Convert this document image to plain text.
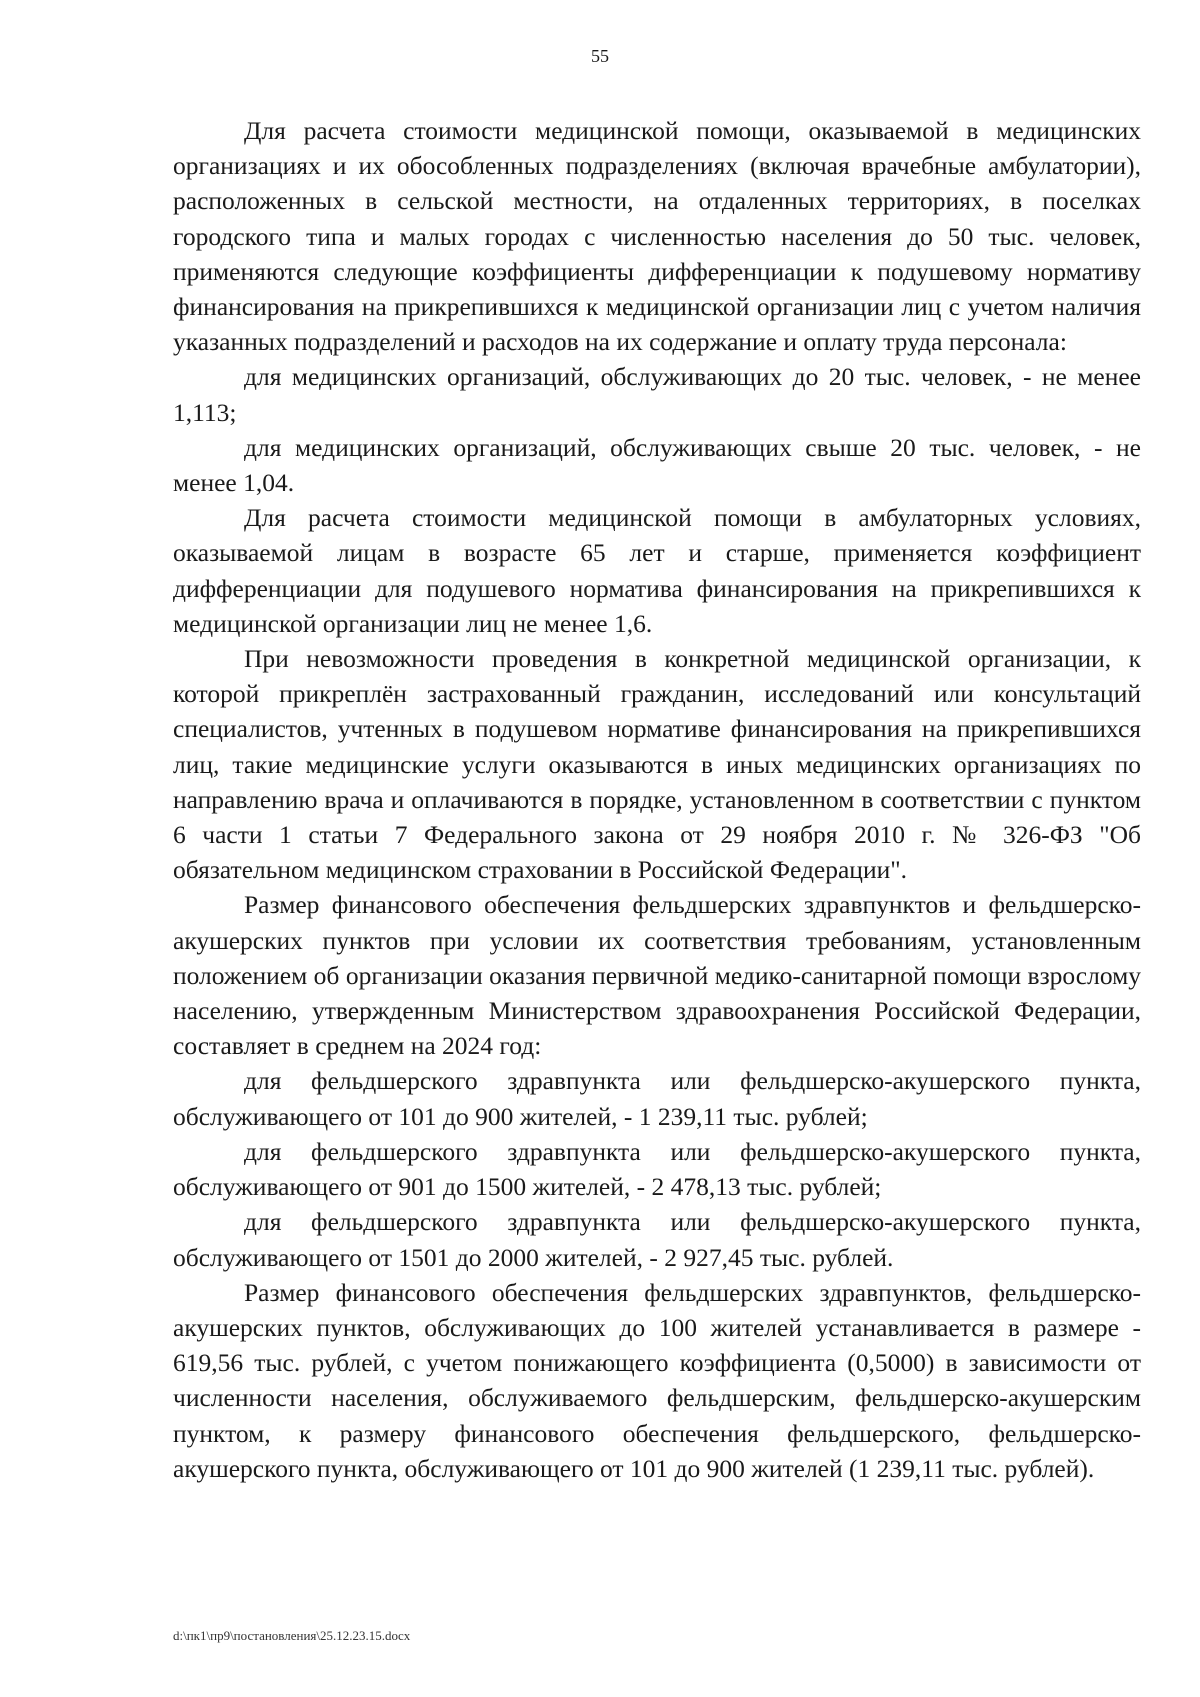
55

Для расчета стоимости медицинской помощи, оказываемой в медицинских организациях и их обособленных подразделениях (включая врачебные амбулатории), расположенных в сельской местности, на отдаленных территориях, в поселках городского типа и малых городах с численностью населения до 50 тыс. человек, применяются следующие коэффициенты дифференциации к подушевому нормативу финансирования на прикрепившихся к медицинской организации лиц с учетом наличия указанных подразделений и расходов на их содержание и оплату труда персонала:

для медицинских организаций, обслуживающих до 20 тыс. человек, - не менее 1,113;

для медицинских организаций, обслуживающих свыше 20 тыс. человек, - не менее 1,04.

Для расчета стоимости медицинской помощи в амбулаторных условиях, оказываемой лицам в возрасте 65 лет и старше, применяется коэффициент дифференциации для подушевого норматива финансирования на прикрепившихся к медицинской организации лиц не менее 1,6.

При невозможности проведения в конкретной медицинской организации, к которой прикреплён застрахованный гражданин, исследований или консультаций специалистов, учтенных в подушевом нормативе финансирования на прикрепившихся лиц, такие медицинские услуги оказываются в иных медицинских организациях по направлению врача и оплачиваются в порядке, установленном в соответствии с пунктом 6 части 1 статьи 7 Федерального закона от 29 ноября 2010 г. № 326-ФЗ "Об обязательном медицинском страховании в Российской Федерации".

Размер финансового обеспечения фельдшерских здравпунктов и фельдшерско-акушерских пунктов при условии их соответствия требованиям, установленным положением об организации оказания первичной медико-санитарной помощи взрослому населению, утвержденным Министерством здравоохранения Российской Федерации, составляет в среднем на 2024 год:

для фельдшерского здравпункта или фельдшерско-акушерского пункта, обслуживающего от 101 до 900 жителей, - 1 239,11 тыс. рублей;

для фельдшерского здравпункта или фельдшерско-акушерского пункта, обслуживающего от 901 до 1500 жителей, - 2 478,13 тыс. рублей;

для фельдшерского здравпункта или фельдшерско-акушерского пункта, обслуживающего от 1501 до 2000 жителей, - 2 927,45 тыс. рублей.

Размер финансового обеспечения фельдшерских здравпунктов, фельдшерско-акушерских пунктов, обслуживающих до 100 жителей устанавливается в размере - 619,56 тыс. рублей, с учетом понижающего коэффициента (0,5000) в зависимости от численности населения, обслуживаемого фельдшерским, фельдшерско-акушерским пунктом, к размеру финансового обеспечения фельдшерского, фельдшерско-акушерского пункта, обслуживающего от 101 до 900 жителей (1 239,11 тыс. рублей).

d:\пк1\пр9\постановления\25.12.23.15.docx
